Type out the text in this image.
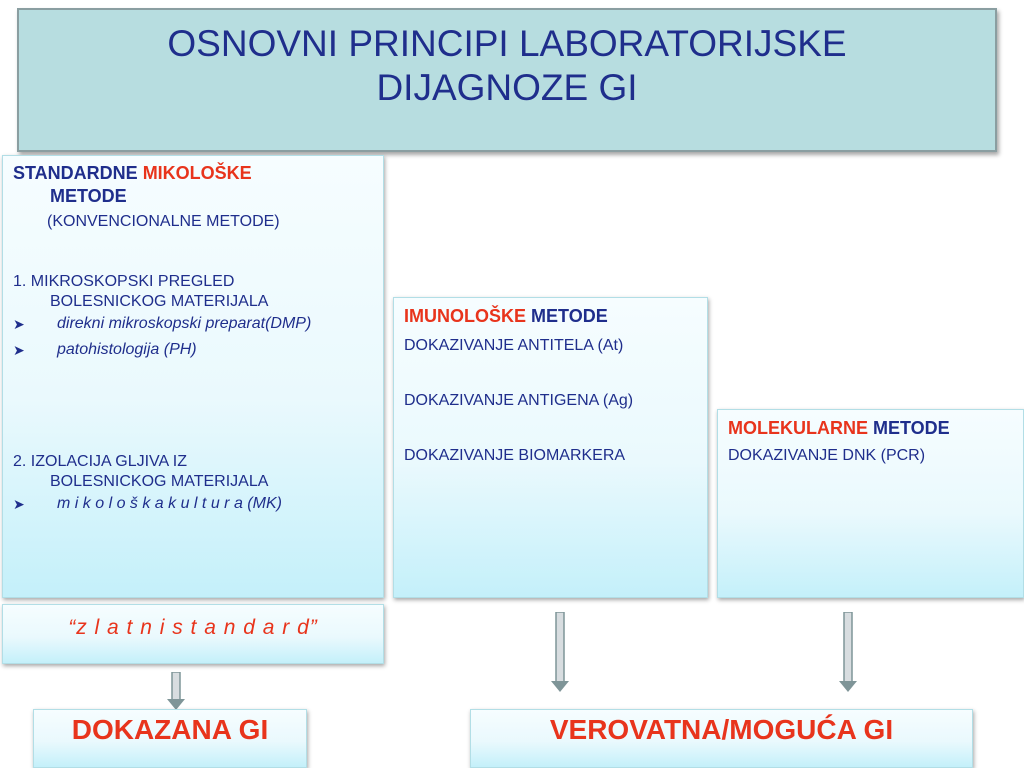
OSNOVNI PRINCIPI LABORATORIJSKE
DIJAGNOZE GI
STANDARDNE MIKOLOŠKE
METODE
(KONVENCIONALNE METODE)
1. MIKROSKOPSKI PREGLED
BOLESNICKOG MATERIJALA
➤ direkni mikroskopski preparat(DMP)
➤ patohistologija (PH)
2. IZOLACIJA GLJIVA IZ
BOLESNICKOG MATERIJALA
➤ m i k o l o š k a k u l t u r a (MK)
IMUNOLOŠKE METODE
DOKAZIVANJE ANTITELA (At)
DOKAZIVANJE ANTIGENA (Ag)
DOKAZIVANJE BIOMARKERA
MOLEKULARNE METODE
DOKAZIVANJE DNK (PCR)
“z l a t n i s t a n d a r d”
DOKAZANA GI	VEROVATNA/MOGUĆA GI
